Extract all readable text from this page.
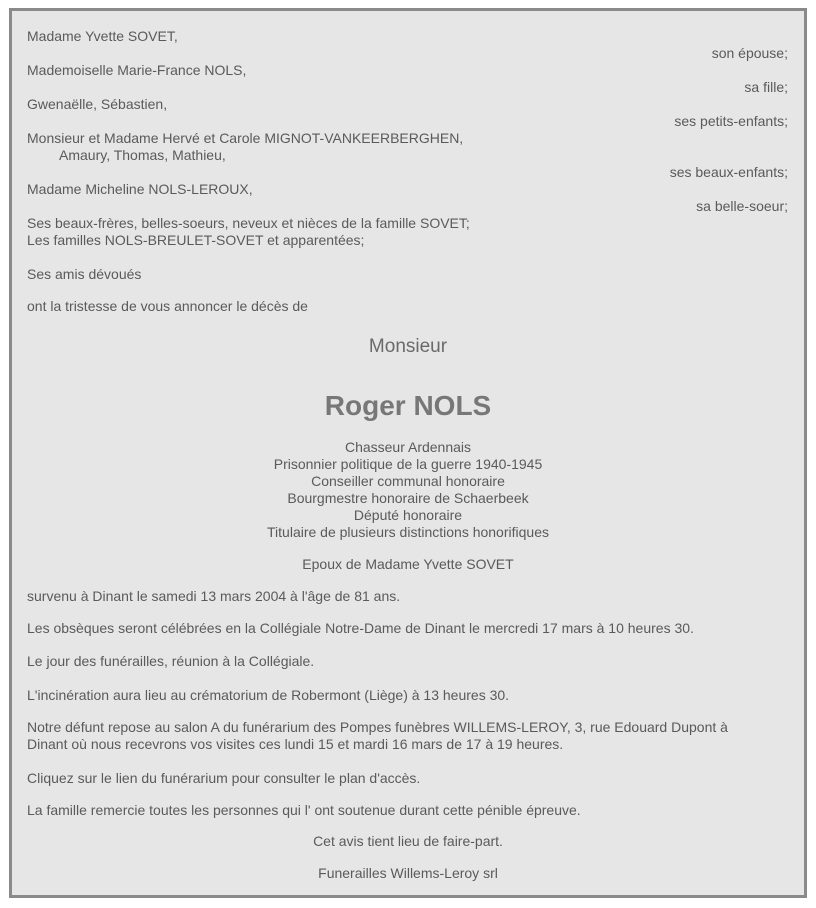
Madame Yvette SOVET,
son épouse;
Mademoiselle Marie-France NOLS,
sa fille;
Gwenaëlle, Sébastien,
ses petits-enfants;
Monsieur et Madame Hervé et Carole MIGNOT-VANKEERBERGHEN,
Amaury, Thomas, Mathieu,
ses beaux-enfants;
Madame Micheline NOLS-LEROUX,
sa belle-soeur;
Ses beaux-frères, belles-soeurs, neveux et nièces de la famille SOVET;
Les familles NOLS-BREULET-SOVET et apparentées;
Ses amis dévoués
ont la tristesse de vous annoncer le décès de
Monsieur
Roger NOLS
Chasseur Ardennais
Prisonnier politique de la guerre 1940-1945
Conseiller communal honoraire
Bourgmestre honoraire de Schaerbeek
Député honoraire
Titulaire de plusieurs distinctions honorifiques
Epoux de Madame Yvette SOVET
survenu à Dinant le samedi 13 mars 2004 à l'âge de 81 ans.
Les obsèques seront célébrées en la Collégiale Notre-Dame de Dinant le mercredi 17 mars à 10 heures 30.
Le jour des funérailles, réunion à la Collégiale.
L'incinération aura lieu au crématorium de Robermont (Liège) à 13 heures 30.
Notre défunt repose au salon A du funérarium des Pompes funèbres WILLEMS-LEROY, 3, rue Edouard Dupont à
Dinant où nous recevrons vos visites ces lundi 15 et mardi 16 mars de 17 à 19 heures.
Cliquez sur le lien du funérarium pour consulter le plan d'accès.
La famille remercie toutes les personnes qui l' ont soutenue durant cette pénible épreuve.
Cet avis tient lieu de faire-part.
Funerailles Willems-Leroy srl
